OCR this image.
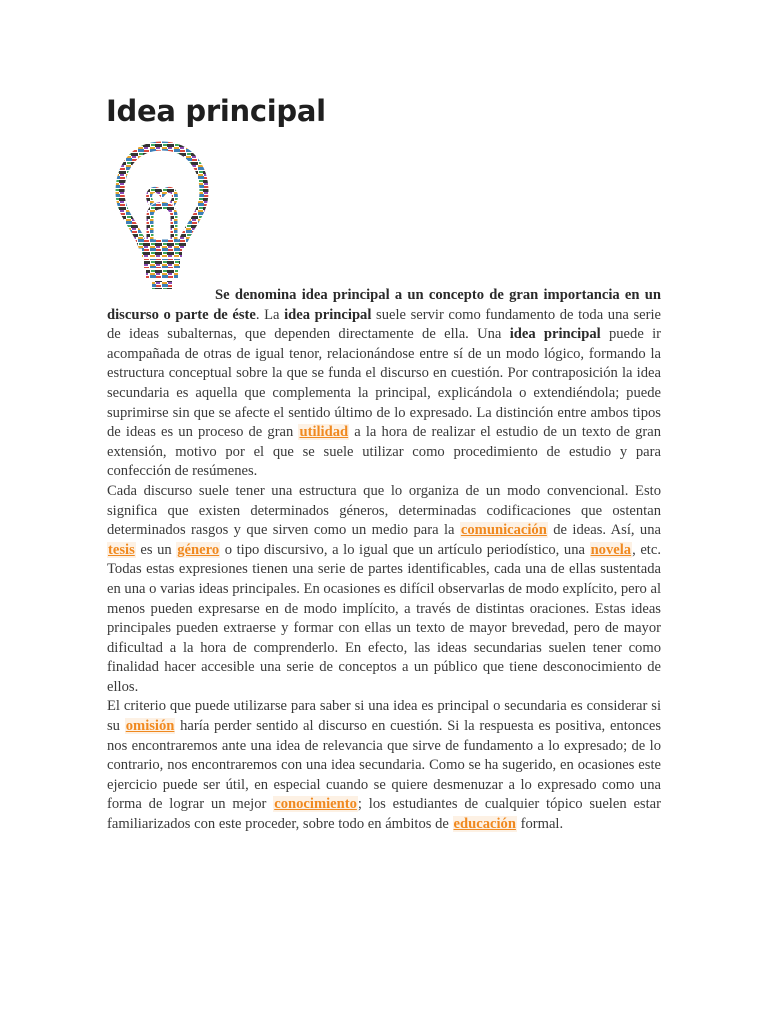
Idea principal

Se denomina idea principal a un concepto de gran importancia en un discurso o parte de éste. La idea principal suele servir como fundamento de toda una serie de ideas subalternas, que dependen directamente de ella. Una idea principal puede ir acompañada de otras de igual tenor, relacionándose entre sí de un modo lógico, formando la estructura conceptual sobre la que se funda el discurso en cuestión. Por contraposición la idea secundaria es aquella que complementa la principal, explicándola o extendiéndola; puede suprimirse sin que se afecte el sentido último de lo expresado. La distinción entre ambos tipos de ideas es un proceso de gran utilidad a la hora de realizar el estudio de un texto de gran extensión, motivo por el que se suele utilizar como procedimiento de estudio y para confección de resúmenes.

Cada discurso suele tener una estructura que lo organiza de un modo convencional. Esto significa que existen determinados géneros, determinadas codificaciones que ostentan determinados rasgos y que sirven como un medio para la comunicación de ideas. Así, una tesis es un género o tipo discursivo, a lo igual que un artículo periodístico, una novela, etc. Todas estas expresiones tienen una serie de partes identificables, cada una de ellas sustentada en una o varias ideas principales. En ocasiones es difícil observarlas de modo explícito, pero al menos pueden expresarse en de modo implícito, a través de distintas oraciones. Estas ideas principales pueden extraerse y formar con ellas un texto de mayor brevedad, pero de mayor dificultad a la hora de comprenderlo. En efecto, las ideas secundarias suelen tener como finalidad hacer accesible una serie de conceptos a un público que tiene desconocimiento de ellos.

El criterio que puede utilizarse para saber si una idea es principal o secundaria es considerar si su omisión haría perder sentido al discurso en cuestión. Si la respuesta es positiva, entonces nos encontraremos ante una idea de relevancia que sirve de fundamento a lo expresado; de lo contrario, nos encontraremos con una idea secundaria. Como se ha sugerido, en ocasiones este ejercicio puede ser útil, en especial cuando se quiere desmenuzar a lo expresado como una forma de lograr un mejor conocimiento; los estudiantes de cualquier tópico suelen estar familiarizados con este proceder, sobre todo en ámbitos de educación formal.
